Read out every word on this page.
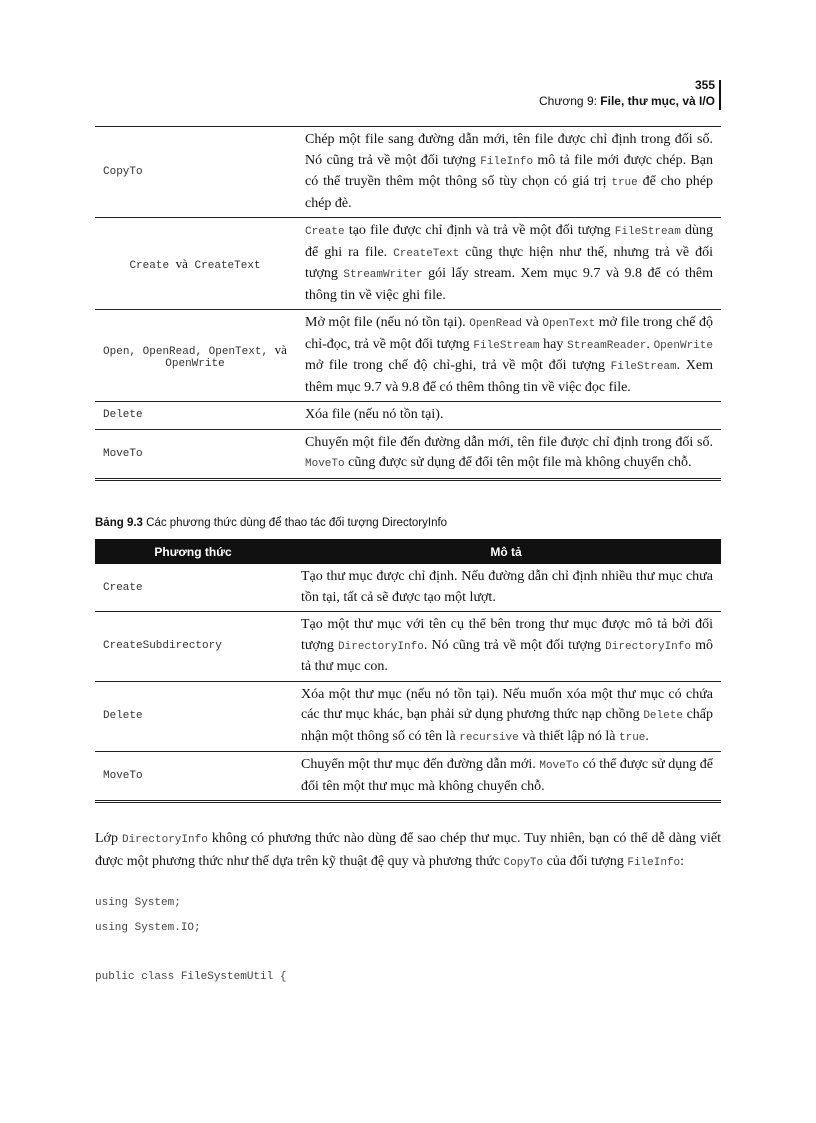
355
Chương 9: File, thư mục, và I/O
CopyTo	Chép một file sang đường dẫn mới, tên file được chỉ định trong đối số. Nó cũng trả về một đối tượng FileInfo mô tả file mới được chép. Bạn có thể truyền thêm một thông số tùy chọn có giá trị true để cho phép chép đè.
Create và CreateText	Create tạo file được chỉ định và trả về một đối tượng FileStream dùng để ghi ra file. CreateText cũng thực hiện như thế, nhưng trả về đối tượng StreamWriter gói lấy stream. Xem mục 9.7 và 9.8 để có thêm thông tin về việc ghi file.
Open, OpenRead, OpenText, và OpenWrite	Mở một file (nếu nó tồn tại). OpenRead và OpenText mở file trong chế độ chỉ-đọc, trả về một đối tượng FileStream hay StreamReader. OpenWrite mở file trong chế độ chỉ-ghi, trả về một đối tượng FileStream. Xem thêm mục 9.7 và 9.8 để có thêm thông tin về việc đọc file.
Delete	Xóa file (nếu nó tồn tại).
MoveTo	Chuyển một file đến đường dẫn mới, tên file được chỉ định trong đối số. MoveTo cũng được sử dụng để đổi tên một file mà không chuyển chỗ.
Bảng 9.3 Các phương thức dùng để thao tác đối tượng DirectoryInfo
Phương thức	Mô tả
Create	Tạo thư mục được chỉ định. Nếu đường dẫn chỉ định nhiều thư mục chưa tồn tại, tất cả sẽ được tạo một lượt.
CreateSubdirectory	Tạo một thư mục với tên cụ thể bên trong thư mục được mô tả bởi đối tượng DirectoryInfo. Nó cũng trả về một đối tượng DirectoryInfo mô tả thư mục con.
Delete	Xóa một thư mục (nếu nó tồn tại). Nếu muốn xóa một thư mục có chứa các thư mục khác, bạn phải sử dụng phương thức nạp chồng Delete chấp nhận một thông số có tên là recursive và thiết lập nó là true.
MoveTo	Chuyển một thư mục đến đường dẫn mới. MoveTo có thể được sử dụng để đổi tên một thư mục mà không chuyển chỗ.
Lớp DirectoryInfo không có phương thức nào dùng để sao chép thư mục. Tuy nhiên, bạn có thể dễ dàng viết được một phương thức như thế dựa trên kỹ thuật đệ quy và phương thức CopyTo của đối tượng FileInfo:
using System;
using System.IO;
public class FileSystemUtil {
